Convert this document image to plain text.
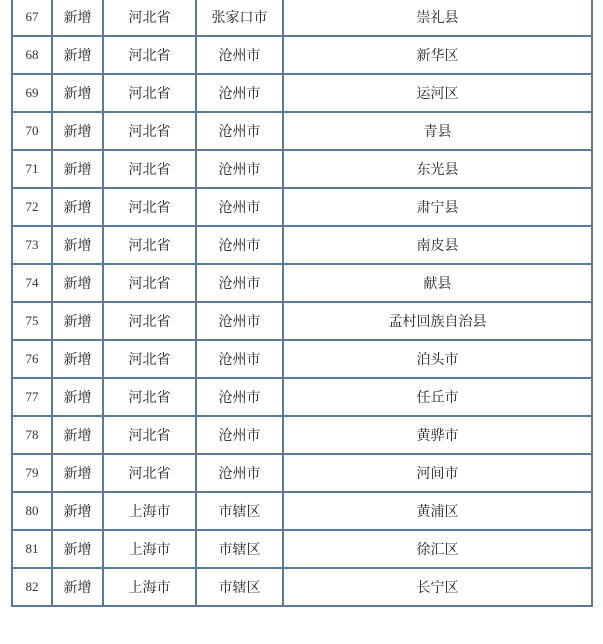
67	新增	河北省	张家口市	崇礼县
68	新增	河北省	沧州市	新华区
69	新增	河北省	沧州市	运河区
70	新增	河北省	沧州市	青县
71	新增	河北省	沧州市	东光县
72	新增	河北省	沧州市	肃宁县
73	新增	河北省	沧州市	南皮县
74	新增	河北省	沧州市	献县
75	新增	河北省	沧州市	孟村回族自治县
76	新增	河北省	沧州市	泊头市
77	新增	河北省	沧州市	任丘市
78	新增	河北省	沧州市	黄骅市
79	新增	河北省	沧州市	河间市
80	新增	上海市	市辖区	黄浦区
81	新增	上海市	市辖区	徐汇区
82	新增	上海市	市辖区	长宁区
